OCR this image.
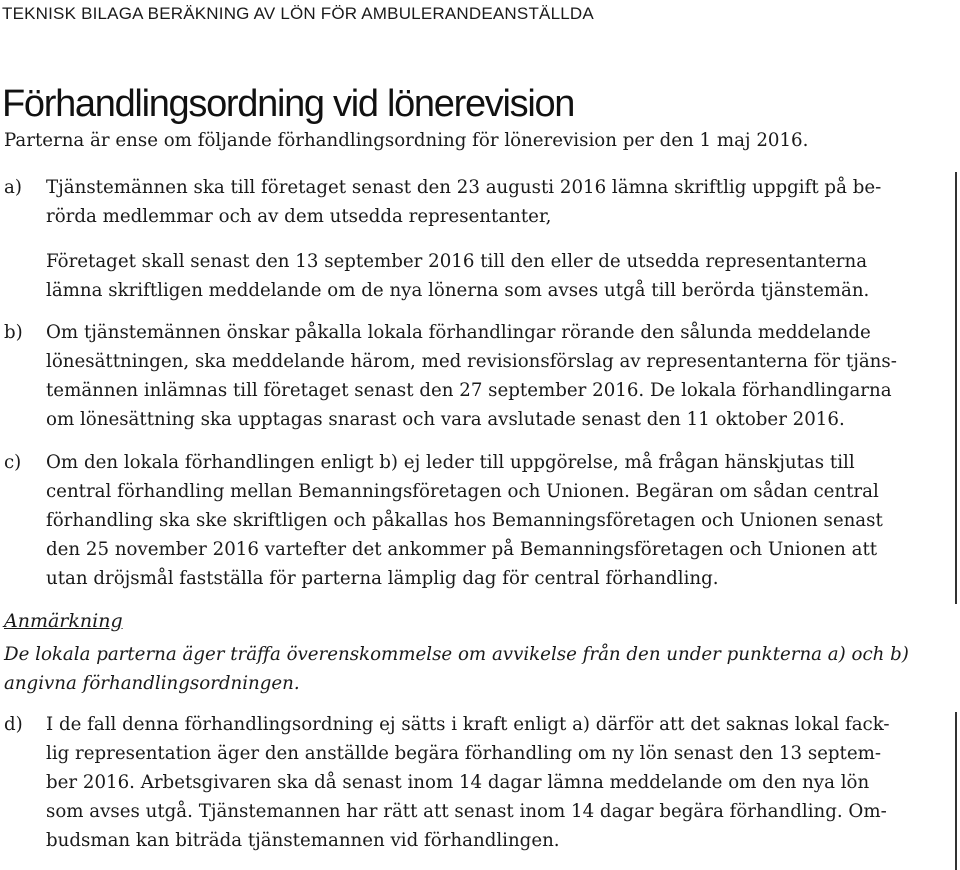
TEKNISK BILAGA BERÄKNING AV LÖN FÖR AMBULERANDEANSTÄLLDA
Förhandlingsordning vid lönerevision
Parterna är ense om följande förhandlingsordning för lönerevision per den 1 maj 2016.
a) Tjänstemännen ska till företaget senast den 23 augusti 2016 lämna skriftlig uppgift på be-
rörda medlemmar och av dem utsedda representanter,
Företaget skall senast den 13 september 2016 till den eller de utsedda representanterna
lämna skriftligen meddelande om de nya lönerna som avses utgå till berörda tjänstemän.
b) Om tjänstemännen önskar påkalla lokala förhandlingar rörande den sålunda meddelande
lönesättningen, ska meddelande härom, med revisionsförslag av representanterna för tjäns-
temännen inlämnas till företaget senast den 27 september 2016. De lokala förhandlingarna
om lönesättning ska upptagas snarast och vara avslutade senast den 11 oktober 2016.
c) Om den lokala förhandlingen enligt b) ej leder till uppgörelse, må frågan hänskjutas till
central förhandling mellan Bemanningsföretagen och Unionen. Begäran om sådan central
förhandling ska ske skriftligen och påkallas hos Bemanningsföretagen och Unionen senast
den 25 november 2016 vartefter det ankommer på Bemanningsföretagen och Unionen att
utan dröjsmål fastställa för parterna lämplig dag för central förhandling.
Anmärkning
De lokala parterna äger träffa överenskommelse om avvikelse från den under punkterna a) och b)
angivna förhandlingsordningen.
d) I de fall denna förhandlingsordning ej sätts i kraft enligt a) därför att det saknas lokal fack-
lig representation äger den anställde begära förhandling om ny lön senast den 13 septem-
ber 2016. Arbetsgivaren ska då senast inom 14 dagar lämna meddelande om den nya lön
som avses utgå. Tjänstemannen har rätt att senast inom 14 dagar begära förhandling. Om-
budsman kan biträda tjänstemannen vid förhandlingen.
